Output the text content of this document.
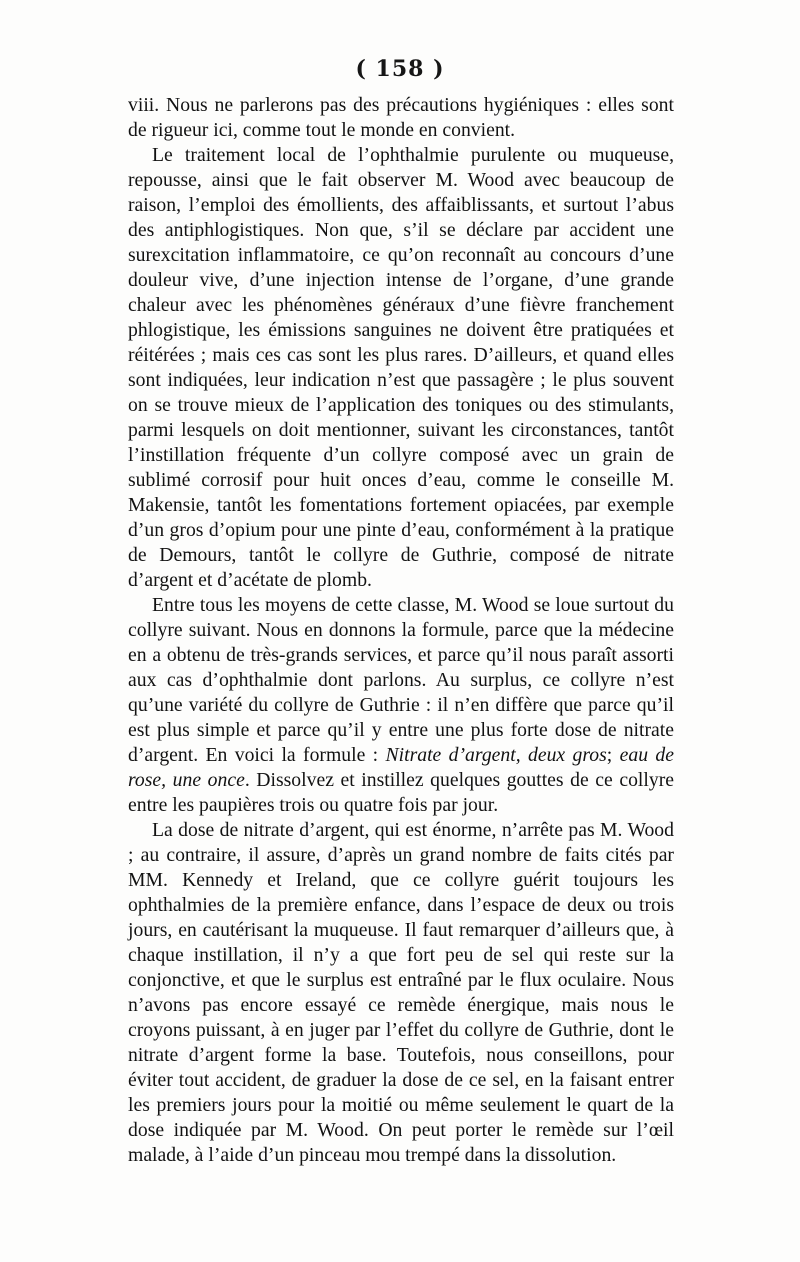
( 158 )

viii. Nous ne parlerons pas des précautions hygiéniques : elles sont de rigueur ici, comme tout le monde en convient.

Le traitement local de l’ophthalmie purulente ou muqueuse, repousse, ainsi que le fait observer M. Wood avec beaucoup de raison, l’emploi des émollients, des affaiblissants, et surtout l’abus des antiphlogistiques. Non que, s’il se déclare par accident une surexcitation inflammatoire, ce qu’on reconnaît au concours d’une douleur vive, d’une injection intense de l’organe, d’une grande chaleur avec les phénomènes généraux d’une fièvre franchement phlogistique, les émissions sanguines ne doivent être pratiquées et réitérées ; mais ces cas sont les plus rares. D’ailleurs, et quand elles sont indiquées, leur indication n’est que passagère ; le plus souvent on se trouve mieux de l’application des toniques ou des stimulants, parmi lesquels on doit mentionner, suivant les circonstances, tantôt l’instillation fréquente d’un collyre composé avec un grain de sublimé corrosif pour huit onces d’eau, comme le conseille M. Makensie, tantôt les fomentations fortement opiacées, par exemple d’un gros d’opium pour une pinte d’eau, conformément à la pratique de Demours, tantôt le collyre de Guthrie, composé de nitrate d’argent et d’acétate de plomb.

Entre tous les moyens de cette classe, M. Wood se loue surtout du collyre suivant. Nous en donnons la formule, parce que la médecine en a obtenu de très-grands services, et parce qu’il nous paraît assorti aux cas d’ophthalmie dont parlons. Au surplus, ce collyre n’est qu’une variété du collyre de Guthrie : il n’en diffère que parce qu’il est plus simple et parce qu’il y entre une plus forte dose de nitrate d’argent. En voici la formule : Nitrate d’argent, deux gros; eau de rose, une once. Dissolvez et instillez quelques gouttes de ce collyre entre les paupières trois ou quatre fois par jour.

La dose de nitrate d’argent, qui est énorme, n’arrête pas M. Wood ; au contraire, il assure, d’après un grand nombre de faits cités par MM. Kennedy et Ireland, que ce collyre guérit toujours les ophthalmies de la première enfance, dans l’espace de deux ou trois jours, en cautérisant la muqueuse. Il faut remarquer d’ailleurs que, à chaque instillation, il n’y a que fort peu de sel qui reste sur la conjonctive, et que le surplus est entraîné par le flux oculaire. Nous n’avons pas encore essayé ce remède énergique, mais nous le croyons puissant, à en juger par l’effet du collyre de Guthrie, dont le nitrate d’argent forme la base. Toutefois, nous conseillons, pour éviter tout accident, de graduer la dose de ce sel, en la faisant entrer les premiers jours pour la moitié ou même seulement le quart de la dose indiquée par M. Wood. On peut porter le remède sur l’œil malade, à l’aide d’un pinceau mou trempé dans la dissolution.
